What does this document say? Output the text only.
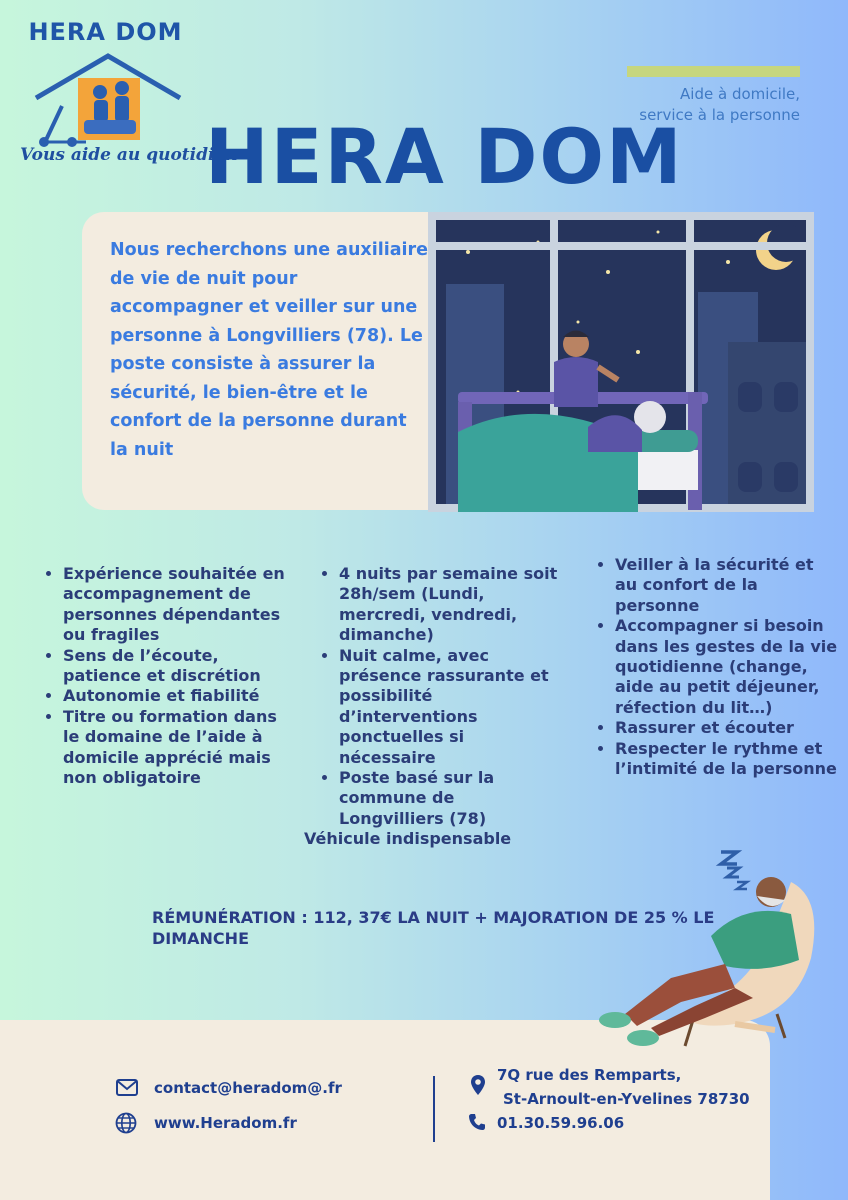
HERA DOM
Vous aide au quotidien
Aide à domicile, service à la personne
HERA DOM
Nous recherchons une auxiliaire de vie de nuit pour accompagner et veiller sur une personne à Longvilliers (78). Le poste consiste à assurer la sécurité, le bien-être et le confort de la personne durant la nuit
• Expérience souhaitée en accompagnement de personnes dépendantes ou fragiles
• Sens de l’écoute, patience et discrétion
• Autonomie et fiabilité
• Titre ou formation dans le domaine de l’aide à domicile apprécié mais non obligatoire
• 4 nuits par semaine soit 28h/sem (Lundi, mercredi, vendredi, dimanche)
• Nuit calme, avec présence rassurante et possibilité d’interventions ponctuelles si nécessaire
• Poste basé sur la commune de Longvilliers (78)
Véhicule indispensable
• Veiller à la sécurité et au confort de la personne
• Accompagner si besoin dans les gestes de la vie quotidienne (change, aide au petit déjeuner, réfection du lit…)
• Rassurer et écouter
• Respecter le rythme et l’intimité de la personne
RÉMUNÉRATION : 112, 37€ LA NUIT + MAJORATION DE 25 % LE DIMANCHE
contact@heradom@.fr
www.Heradom.fr
7Q rue des Remparts,
St-Arnoult-en-Yvelines 78730
01.30.59.96.06
